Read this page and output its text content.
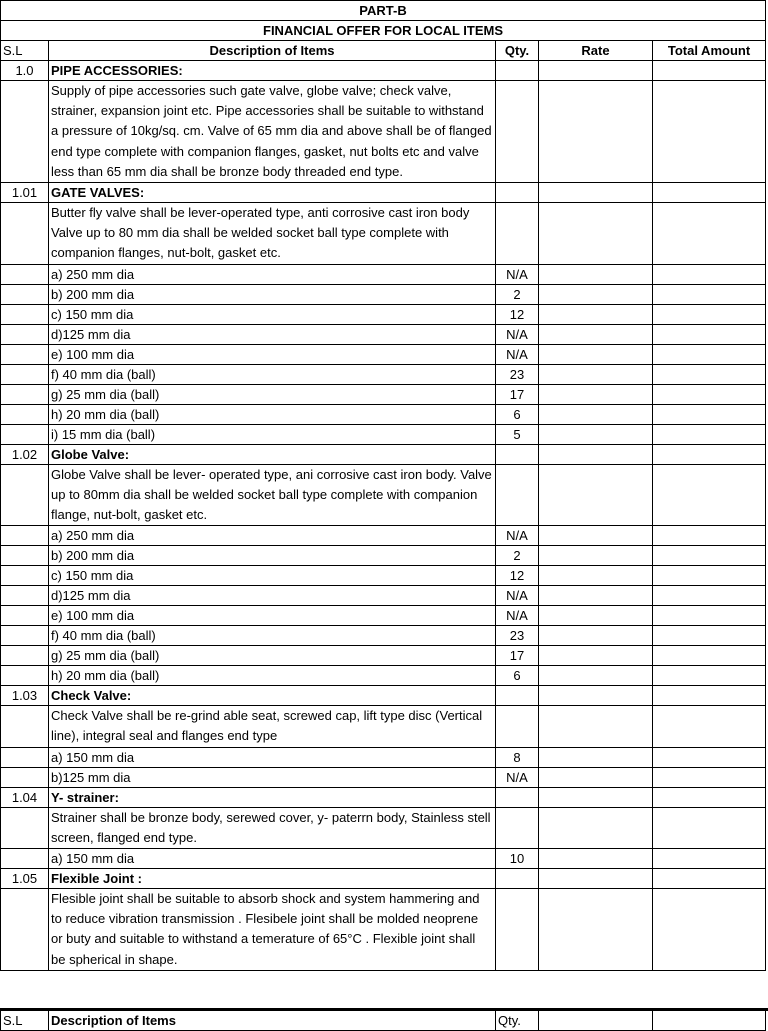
PART-B				
FINANCIAL OFFER FOR LOCAL ITEMS				
S.L	Description of Items	Qty.	Rate	Total Amount
1.0	PIPE ACCESSORIES:			
	Supply of pipe accessories such gate valve, globe valve; check valve, strainer, expansion joint etc. Pipe accessories shall be suitable to withstand a pressure of 10kg/sq. cm. Valve of 65 mm dia and above shall be of flanged end type complete with companion flanges, gasket, nut bolts etc and valve less than 65 mm dia shall be bronze body threaded end type.			
1.01	GATE VALVES:			
	Butter fly valve shall be lever-operated type, anti corrosive cast iron body Valve up to 80 mm dia shall be welded socket ball type complete with companion flanges, nut-bolt, gasket etc.			
	a) 250 mm dia	N/A		
	b) 200 mm dia	2		
	c) 150 mm dia	12		
	d)125 mm dia	N/A		
	e) 100 mm dia	N/A		
	f) 40 mm dia (ball)	23		
	g) 25 mm dia (ball)	17		
	h) 20 mm dia (ball)	6		
	i) 15 mm dia (ball)	5		
1.02	Globe Valve:			
	Globe Valve shall be lever- operated type, ani corrosive cast iron body. Valve up to 80mm dia shall be welded socket ball type complete with companion flange, nut-bolt, gasket etc.			
	a) 250 mm dia	N/A		
	b) 200 mm dia	2		
	c) 150 mm dia	12		
	d)125 mm dia	N/A		
	e) 100 mm dia	N/A		
	f) 40 mm dia (ball)	23		
	g) 25 mm dia (ball)	17		
	h) 20 mm dia (ball)	6		
1.03	Check Valve:			
	Check Valve shall be re-grind able seat, screwed cap, lift type disc (Vertical line), integral seal and flanges end type			
	a) 150 mm dia	8		
	b)125 mm dia	N/A		
1.04	Y- strainer:			
	Strainer shall be bronze body, serewed cover, y- paterrn body, Stainless stell screen, flanged end type.			
	a) 150 mm dia	10		
1.05	Flexible Joint :			
	Flesible joint shall be suitable to absorb shock and system hammering and to reduce vibration transmission . Flesibele joint shall be molded neoprene or buty and suitable to withstand a temerature of 65°C . Flexible joint shall be spherical in shape.			
S.L	Description of Items	Qty.		
